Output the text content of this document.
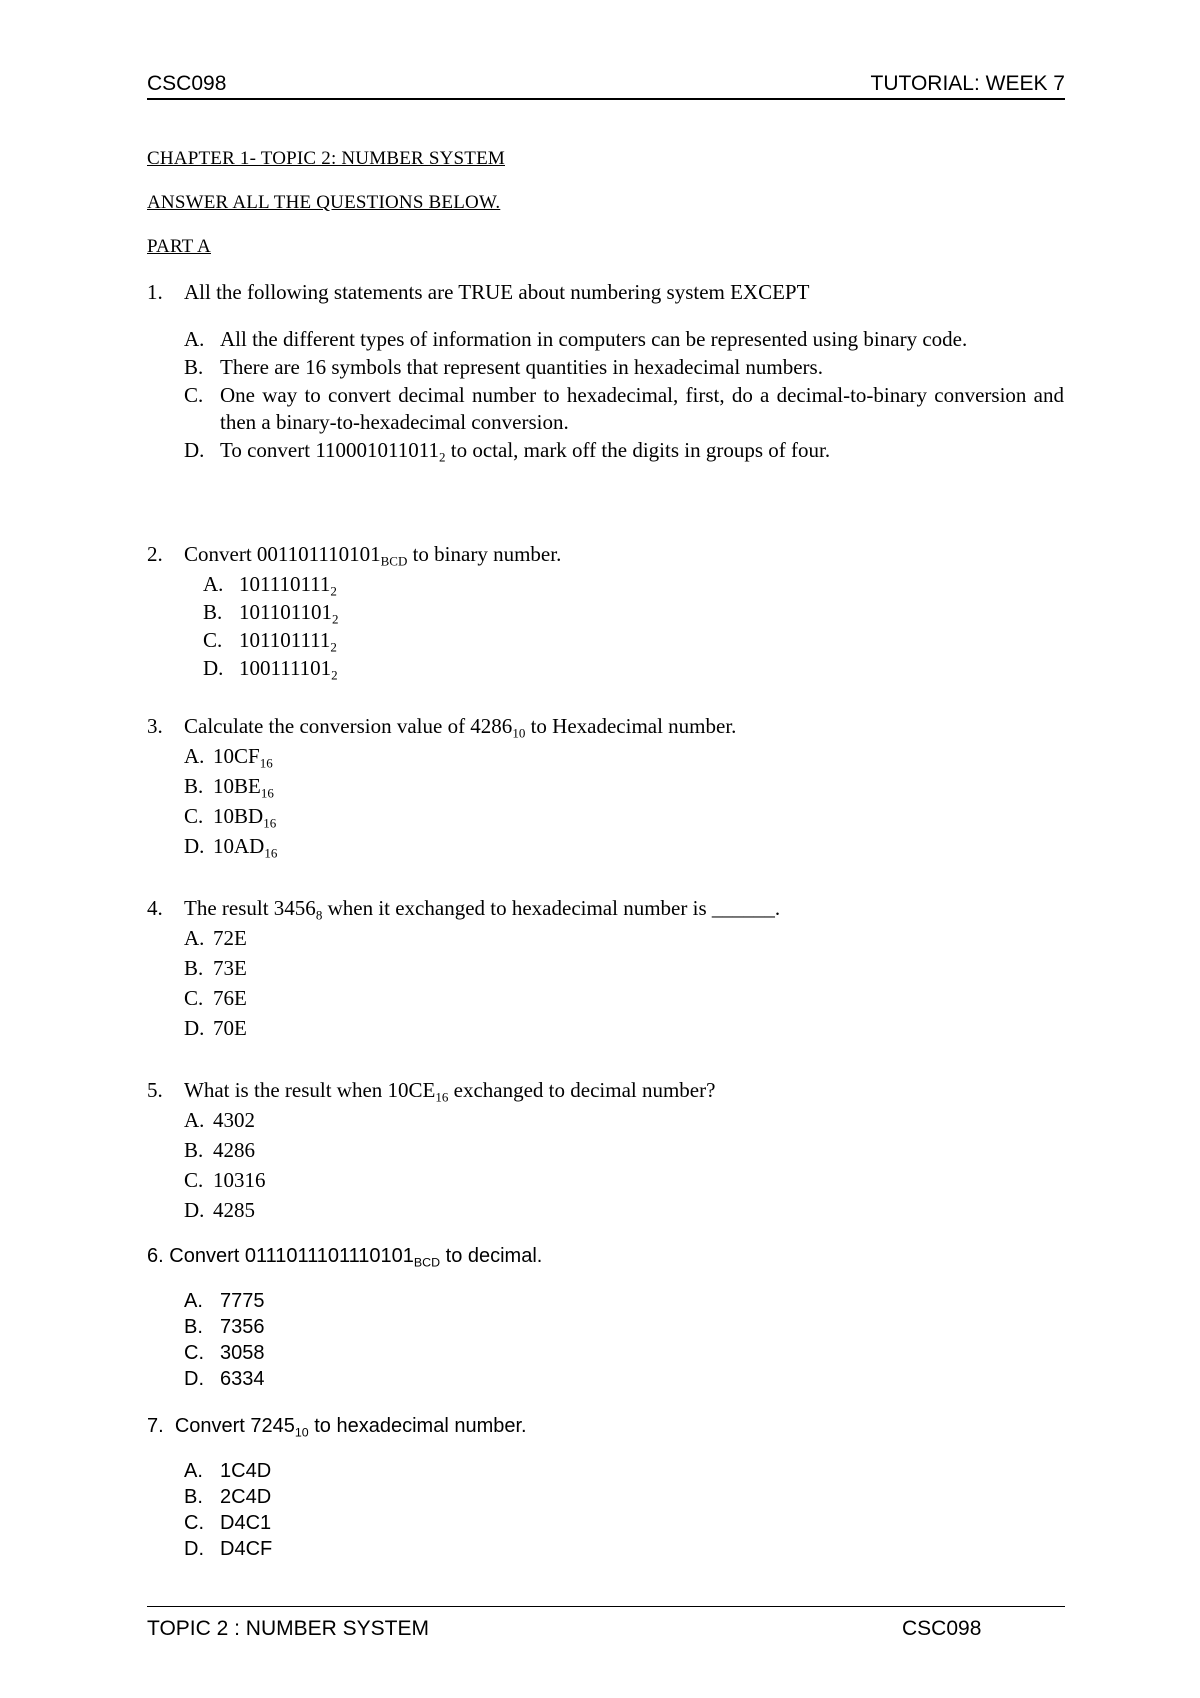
CSC098	TUTORIAL: WEEK 7
CHAPTER 1- TOPIC 2: NUMBER SYSTEM
ANSWER ALL THE QUESTIONS BELOW.
PART A
1. All the following statements are TRUE about numbering system EXCEPT
A. All the different types of information in computers can be represented using binary code.
B. There are 16 symbols that represent quantities in hexadecimal numbers.
C. One way to convert decimal number to hexadecimal, first, do a decimal-to-binary conversion and then a binary-to-hexadecimal conversion.
D. To convert $110001011011_2$ to octal, mark off the digits in groups of four.
2. Convert $001101110101_{BCD}$ to binary number.
A. $101110111_2$
B. $101101101_2$
C. $101101111_2$
D. $100111101_2$
3. Calculate the conversion value of $4286_{10}$ to Hexadecimal number.
A. $10CF_{16}$
B. $10BE_{16}$
C. $10BD_{16}$
D. $10AD_{16}$
4. The result $3456_8$ when it exchanged to hexadecimal number is ______.
A. 72E
B. 73E
C. 76E
D. 70E
5. What is the result when $10CE_{16}$ exchanged to decimal number?
A. 4302
B. 4286
C. 10316
D. 4285
6. Convert $0111011101110101_{BCD}$ to decimal.
A. 7775
B. 7356
C. 3058
D. 6334
7. Convert $7245_{10}$ to hexadecimal number.
A. 1C4D
B. 2C4D
C. D4C1
D. D4CF
TOPIC 2 : NUMBER SYSTEM	CSC098
